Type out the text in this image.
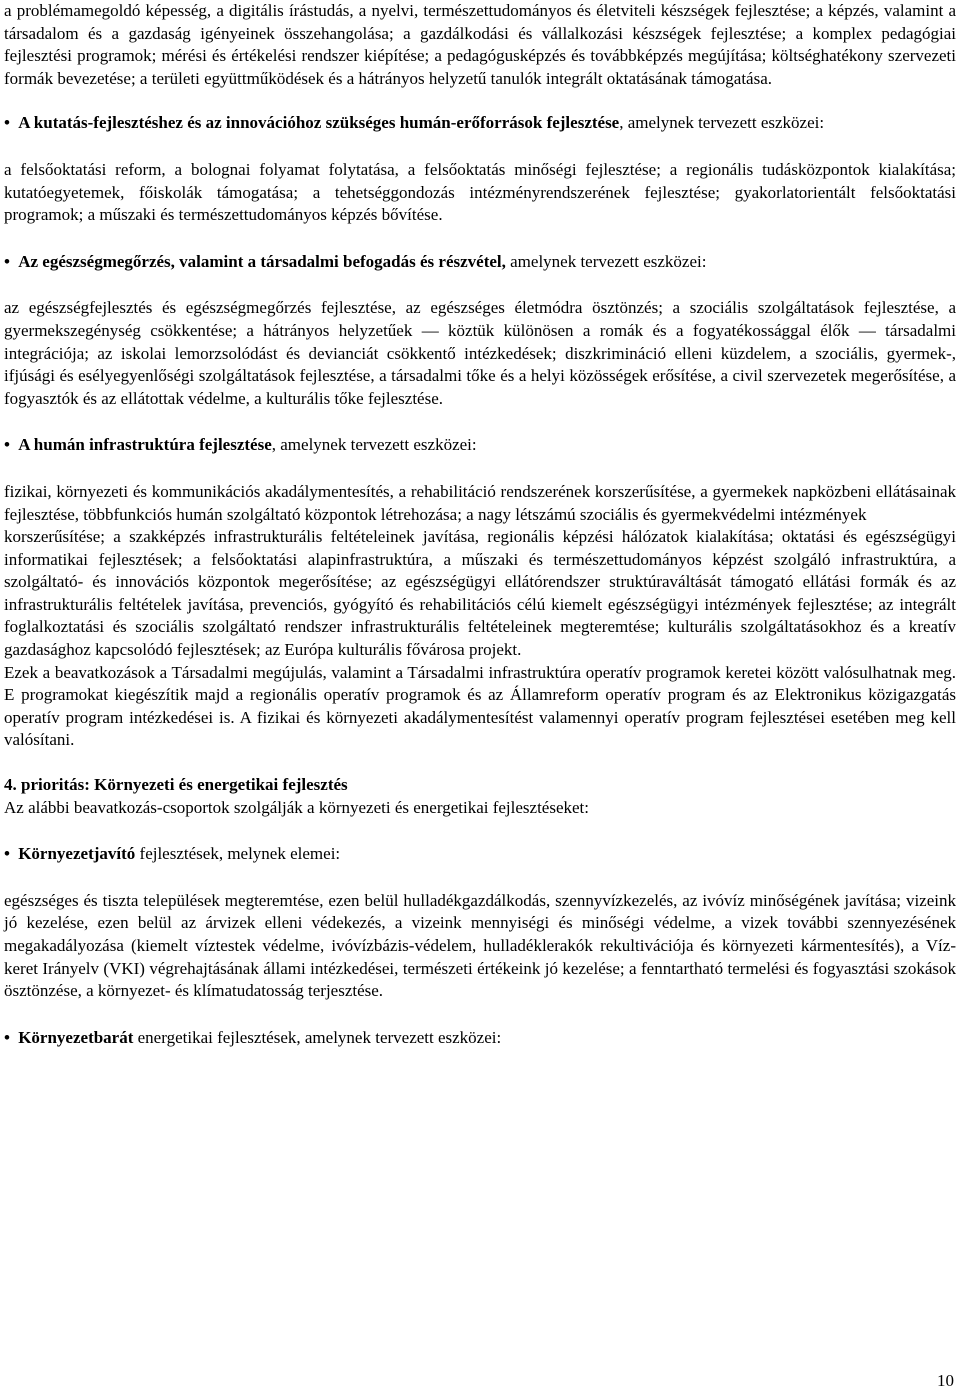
a problémamegoldó képesség, a digitális írástudás, a nyelvi, természettudományos és életviteli készségek fejlesztése; a képzés, valamint a társadalom és a gazdaság igényeinek összehangolása; a gazdálkodási és vállalkozási készségek fejlesztése; a komplex pedagógiai fejlesztési programok; mérési és értékelési rendszer kiépítése; a pedagógusképzés és továbbképzés megújítása; költséghatékony szervezeti formák bevezetése; a területi együttműködések és a hátrányos helyzetű tanulók integrált oktatásának támogatása.

• A kutatás-fejlesztéshez és az innovációhoz szükséges humán-erőforrások fejlesztése, amelynek tervezett eszközei:

a felsőoktatási reform, a bolognai folyamat folytatása, a felsőoktatás minőségi fejlesztése; a regionális tudásközpontok kialakítása; kutatóegyetemek, főiskolák támogatása; a tehetséggondozás intézményrendszerének fejlesztése; gyakorlatorientált felsőoktatási programok; a műszaki és természettudományos képzés bővítése.

• Az egészségmegőrzés, valamint a társadalmi befogadás és részvétel, amelynek tervezett eszközei:

az egészségfejlesztés és egészségmegőrzés fejlesztése, az egészséges életmódra ösztönzés; a szociális szolgáltatások fejlesztése, a gyermekszegénység csökkentése; a hátrányos helyzetűek — köztük különösen a romák és a fogyatékossággal élők — társadalmi integrációja; az iskolai lemorzsolódást és devianciát csökkentő intézkedések; diszkrimináció elleni küzdelem, a szociális, gyermek-, ifjúsági és esélyegyenlőségi szolgáltatások fejlesztése, a társadalmi tőke és a helyi közösségek erősítése, a civil szervezetek megerősítése, a fogyasztók és az ellátottak védelme, a kulturális tőke fejlesztése.

• A humán infrastruktúra fejlesztése, amelynek tervezett eszközei:

fizikai, környezeti és kommunikációs akadálymentesítés, a rehabilitáció rendszerének korszerűsítése, a gyermekek napközbeni ellátásainak fejlesztése, többfunkciós humán szolgáltató központok létrehozása; a nagy létszámú szociális és gyermekvédelmi intézmények

korszerűsítése; a szakképzés infrastrukturális feltételeinek javítása, regionális képzési hálózatok kialakítása; oktatási és egészségügyi informatikai fejlesztések; a felsőoktatási alapinfrastruktúra, a műszaki és természettudományos képzést szolgáló infrastruktúra, a szolgáltató- és innovációs központok megerősítése; az egészségügyi ellátórendszer struktúraváltását támogató ellátási formák és az infrastrukturális feltételek javítása, prevenciós, gyógyító és rehabilitációs célú kiemelt egészségügyi intézmények fejlesztése; az integrált foglalkoztatási és szociális szolgáltató rendszer infrastrukturális feltételeinek megteremtése; kulturális szolgáltatásokhoz és a kreatív gazdasághoz kapcsolódó fejlesztések; az Európa kulturális fővárosa projekt.

Ezek a beavatkozások a Társadalmi megújulás, valamint a Társadalmi infrastruktúra operatív programok keretei között valósulhatnak meg. E programokat kiegészítik majd a regionális operatív programok és az Államreform operatív program és az Elektronikus közigazgatás operatív program intézkedései is. A fizikai és környezeti akadálymentesítést valamennyi operatív program fejlesztései esetében meg kell valósítani.

4. prioritás: Környezeti és energetikai fejlesztés

Az alábbi beavatkozás-csoportok szolgálják a környezeti és energetikai fejlesztéseket:

• Környezetjavító fejlesztések, melynek elemei:

egészséges és tiszta települések megteremtése, ezen belül hulladékgazdálkodás, szennyvízkezelés, az ivóvíz minőségének javítása; vizeink jó kezelése, ezen belül az árvizek elleni védekezés, a vizeink mennyiségi és minőségi védelme, a vizek további szennyezésének megakadályozása (kiemelt víztestek védelme, ivóvízbázis-védelem, hulladéklerakók rekultivációja és környezeti kármentesítés), a Víz-keret Irányelv (VKI) végrehajtásának állami intézkedései, természeti értékeink jó kezelése; a fenntartható termelési és fogyasztási szokások ösztönzése, a környezet- és klímatudatosság terjesztése.

• Környezetbarát energetikai fejlesztések, amelynek tervezett eszközei:

10
